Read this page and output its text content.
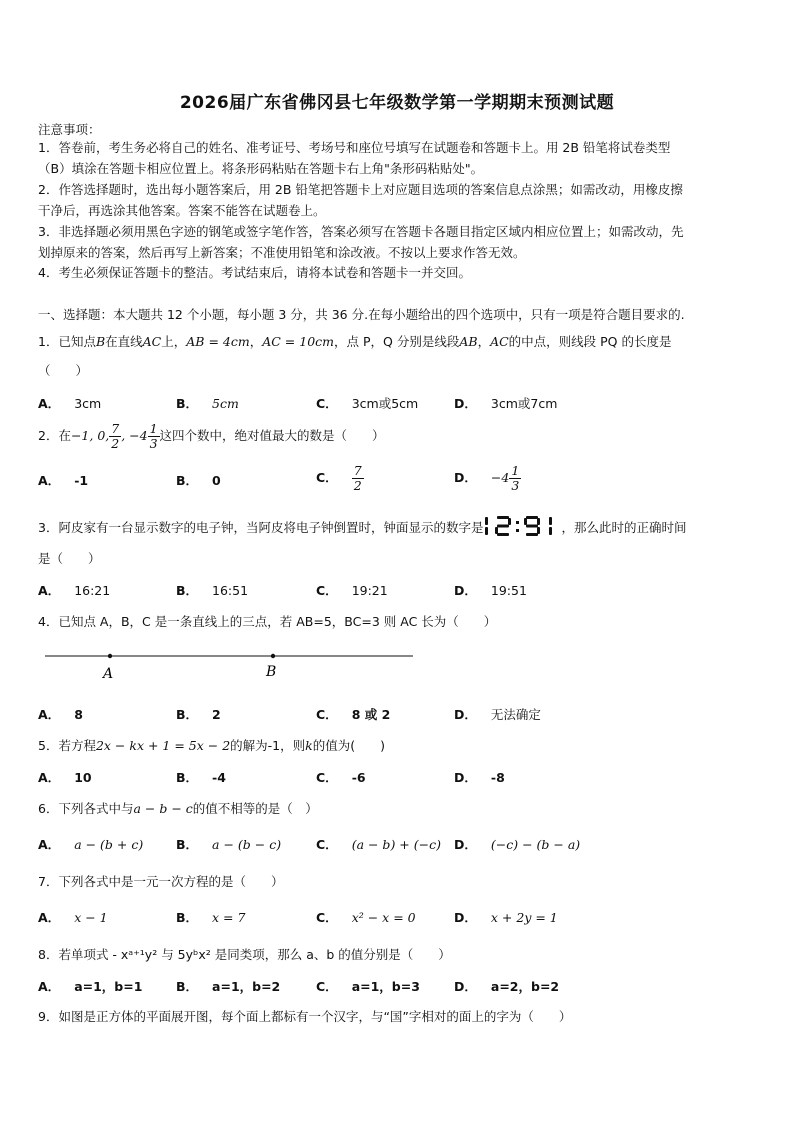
2026届广东省佛冈县七年级数学第一学期期末预测试题
注意事项：
1．答卷前，考生务必将自己的姓名、准考证号、考场号和座位号填写在试题卷和答题卡上。用 2B 铅笔将试卷类型
（B）填涂在答题卡相应位置上。将条形码粘贴在答题卡右上角"条形码粘贴处"。
2．作答选择题时，选出每小题答案后，用 2B 铅笔把答题卡上对应题目选项的答案信息点涂黑；如需改动，用橡皮擦
干净后，再选涂其他答案。答案不能答在试题卷上。
3．非选择题必须用黑色字迹的钢笔或签字笔作答，答案必须写在答题卡各题目指定区域内相应位置上；如需改动，先
划掉原来的答案，然后再写上新答案；不准使用铅笔和涂改液。不按以上要求作答无效。
4．考生必须保证答题卡的整洁。考试结束后，请将本试卷和答题卡一并交回。
一、选择题：本大题共 12 个小题，每小题 3 分，共 36 分.在每小题给出的四个选项中，只有一项是符合题目要求的.
1．已知点B在直线AC上，AB = 4cm，AC = 10cm，点 P，Q 分别是线段AB，AC的中点，则线段 PQ 的长度是
（　　）
A． 3cm	B． 5cm	C． 3cm或5cm	D． 3cm或7cm
2．在−1, 0, $\frac{7}{2}$ , $-4 \frac{1}{3}$ 这四个数中，绝对值最大的数是（　　）
A． -1	B． 0	C． $\frac{7}{2}$	D． $-4 \frac{1}{3}$
3．阿皮家有一台显示数字的电子钟，当阿皮将电子钟倒置时，钟面显示的数字是	，那么此时的正确时间
是（　　）
A． 16:21	B． 16:51	C． 19:21	D． 19:51
4．已知点 A，B，C 是一条直线上的三点，若 AB=5，BC=3 则 AC 长为（　　）
A	B
A． 8	B． 2	C． 8 或 2	D． 无法确定
5．若方程2x − kx + 1 = 5x − 2的解为-1，则k的值为(　　)
A． 10	B． -4	C． -6	D． -8
6．下列各式中与a − b − c的值不相等的是（　）
A． a − (b + c)	B． a − (b − c)	C． (a − b) + (−c) D． (−c) − (b − a)
7．下列各式中是一元一次方程的是（　　）
A． x − 1	B． x = 7	C． x² − x = 0	D． x + 2y = 1
8．若单项式 - xᵃ⁺¹y² 与 5yᵇx² 是同类项，那么 a、b 的值分别是（　　）
A． a=1，b=1	B． a=1，b=2	C． a=1，b=3	D． a=2，b=2
9．如图是正方体的平面展开图，每个面上都标有一个汉字，与“国”字相对的面上的字为（　　）
